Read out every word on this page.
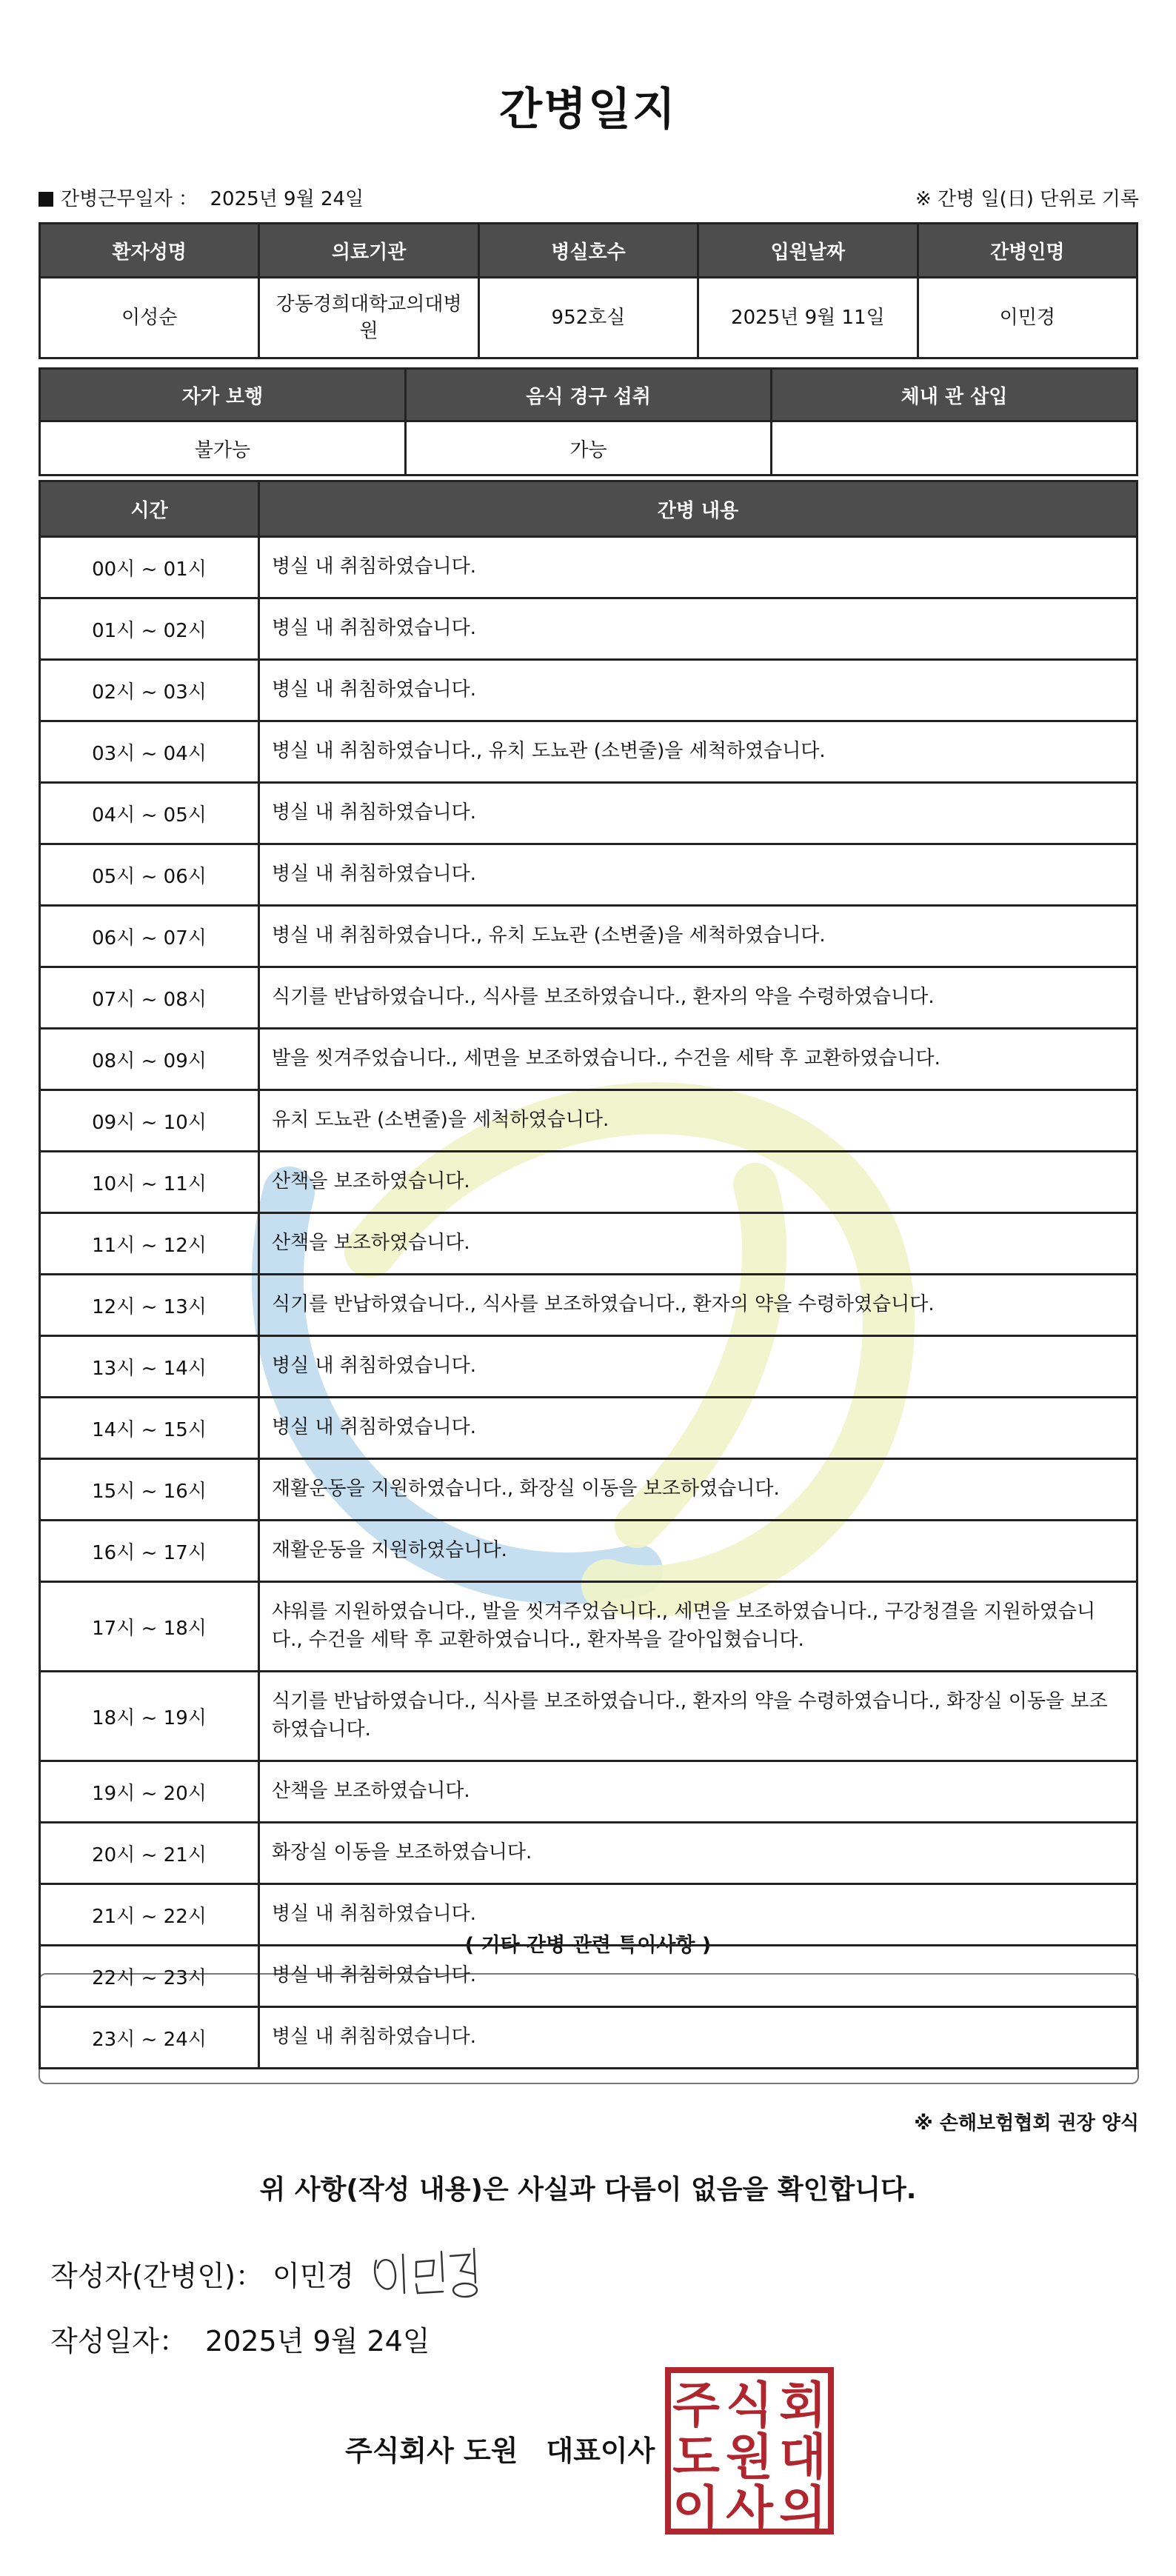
간병일지
간병근무일자 ： 2025년 9월 24일	※ 간병 일(日) 단위로 기록
환자성명	의료기관	병실호수	입원날짜	간병인명
이성순	강동경희대학교의대병원	952호실	2025년 9월 11일	이민경
자가 보행	음식 경구 섭취	체내 관 삽입
불가능	가능	
시간	간병 내용
00시 ~ 01시	병실 내 취침하였습니다.
01시 ~ 02시	병실 내 취침하였습니다.
02시 ~ 03시	병실 내 취침하였습니다.
03시 ~ 04시	병실 내 취침하였습니다., 유치 도뇨관 (소변줄)을 세척하였습니다.
04시 ~ 05시	병실 내 취침하였습니다.
05시 ~ 06시	병실 내 취침하였습니다.
06시 ~ 07시	병실 내 취침하였습니다., 유치 도뇨관 (소변줄)을 세척하였습니다.
07시 ~ 08시	식기를 반납하였습니다., 식사를 보조하였습니다., 환자의 약을 수령하였습니다.
08시 ~ 09시	발을 씻겨주었습니다., 세면을 보조하였습니다., 수건을 세탁 후 교환하였습니다.
09시 ~ 10시	유치 도뇨관 (소변줄)을 세척하였습니다.
10시 ~ 11시	산책을 보조하였습니다.
11시 ~ 12시	산책을 보조하였습니다.
12시 ~ 13시	식기를 반납하였습니다., 식사를 보조하였습니다., 환자의 약을 수령하였습니다.
13시 ~ 14시	병실 내 취침하였습니다.
14시 ~ 15시	병실 내 취침하였습니다.
15시 ~ 16시	재활운동을 지원하였습니다., 화장실 이동을 보조하였습니다.
16시 ~ 17시	재활운동을 지원하였습니다.
17시 ~ 18시	샤워를 지원하였습니다., 발을 씻겨주었습니다., 세면을 보조하였습니다., 구강청결을 지원하였습니다., 수건을 세탁 후 교환하였습니다., 환자복을 갈아입혔습니다.
18시 ~ 19시	식기를 반납하였습니다., 식사를 보조하였습니다., 환자의 약을 수령하였습니다., 화장실 이동을 보조하였습니다.
19시 ~ 20시	산책을 보조하였습니다.
20시 ~ 21시	화장실 이동을 보조하였습니다.
21시 ~ 22시	병실 내 취침하였습니다.
22시 ~ 23시	병실 내 취침하였습니다.
23시 ~ 24시	병실 내 취침하였습니다.
( 기타 간병 관련 특이사항 )
※ 손해보험협회 권장 양식
위 사항(작성 내용)은 사실과 다름이 없음을 확인합니다.
작성자(간병인)： 이민경
작성일자： 2025년 9월 24일
주식회사 도원　대표이사
주 식 회
도 원 대
이 사 의
